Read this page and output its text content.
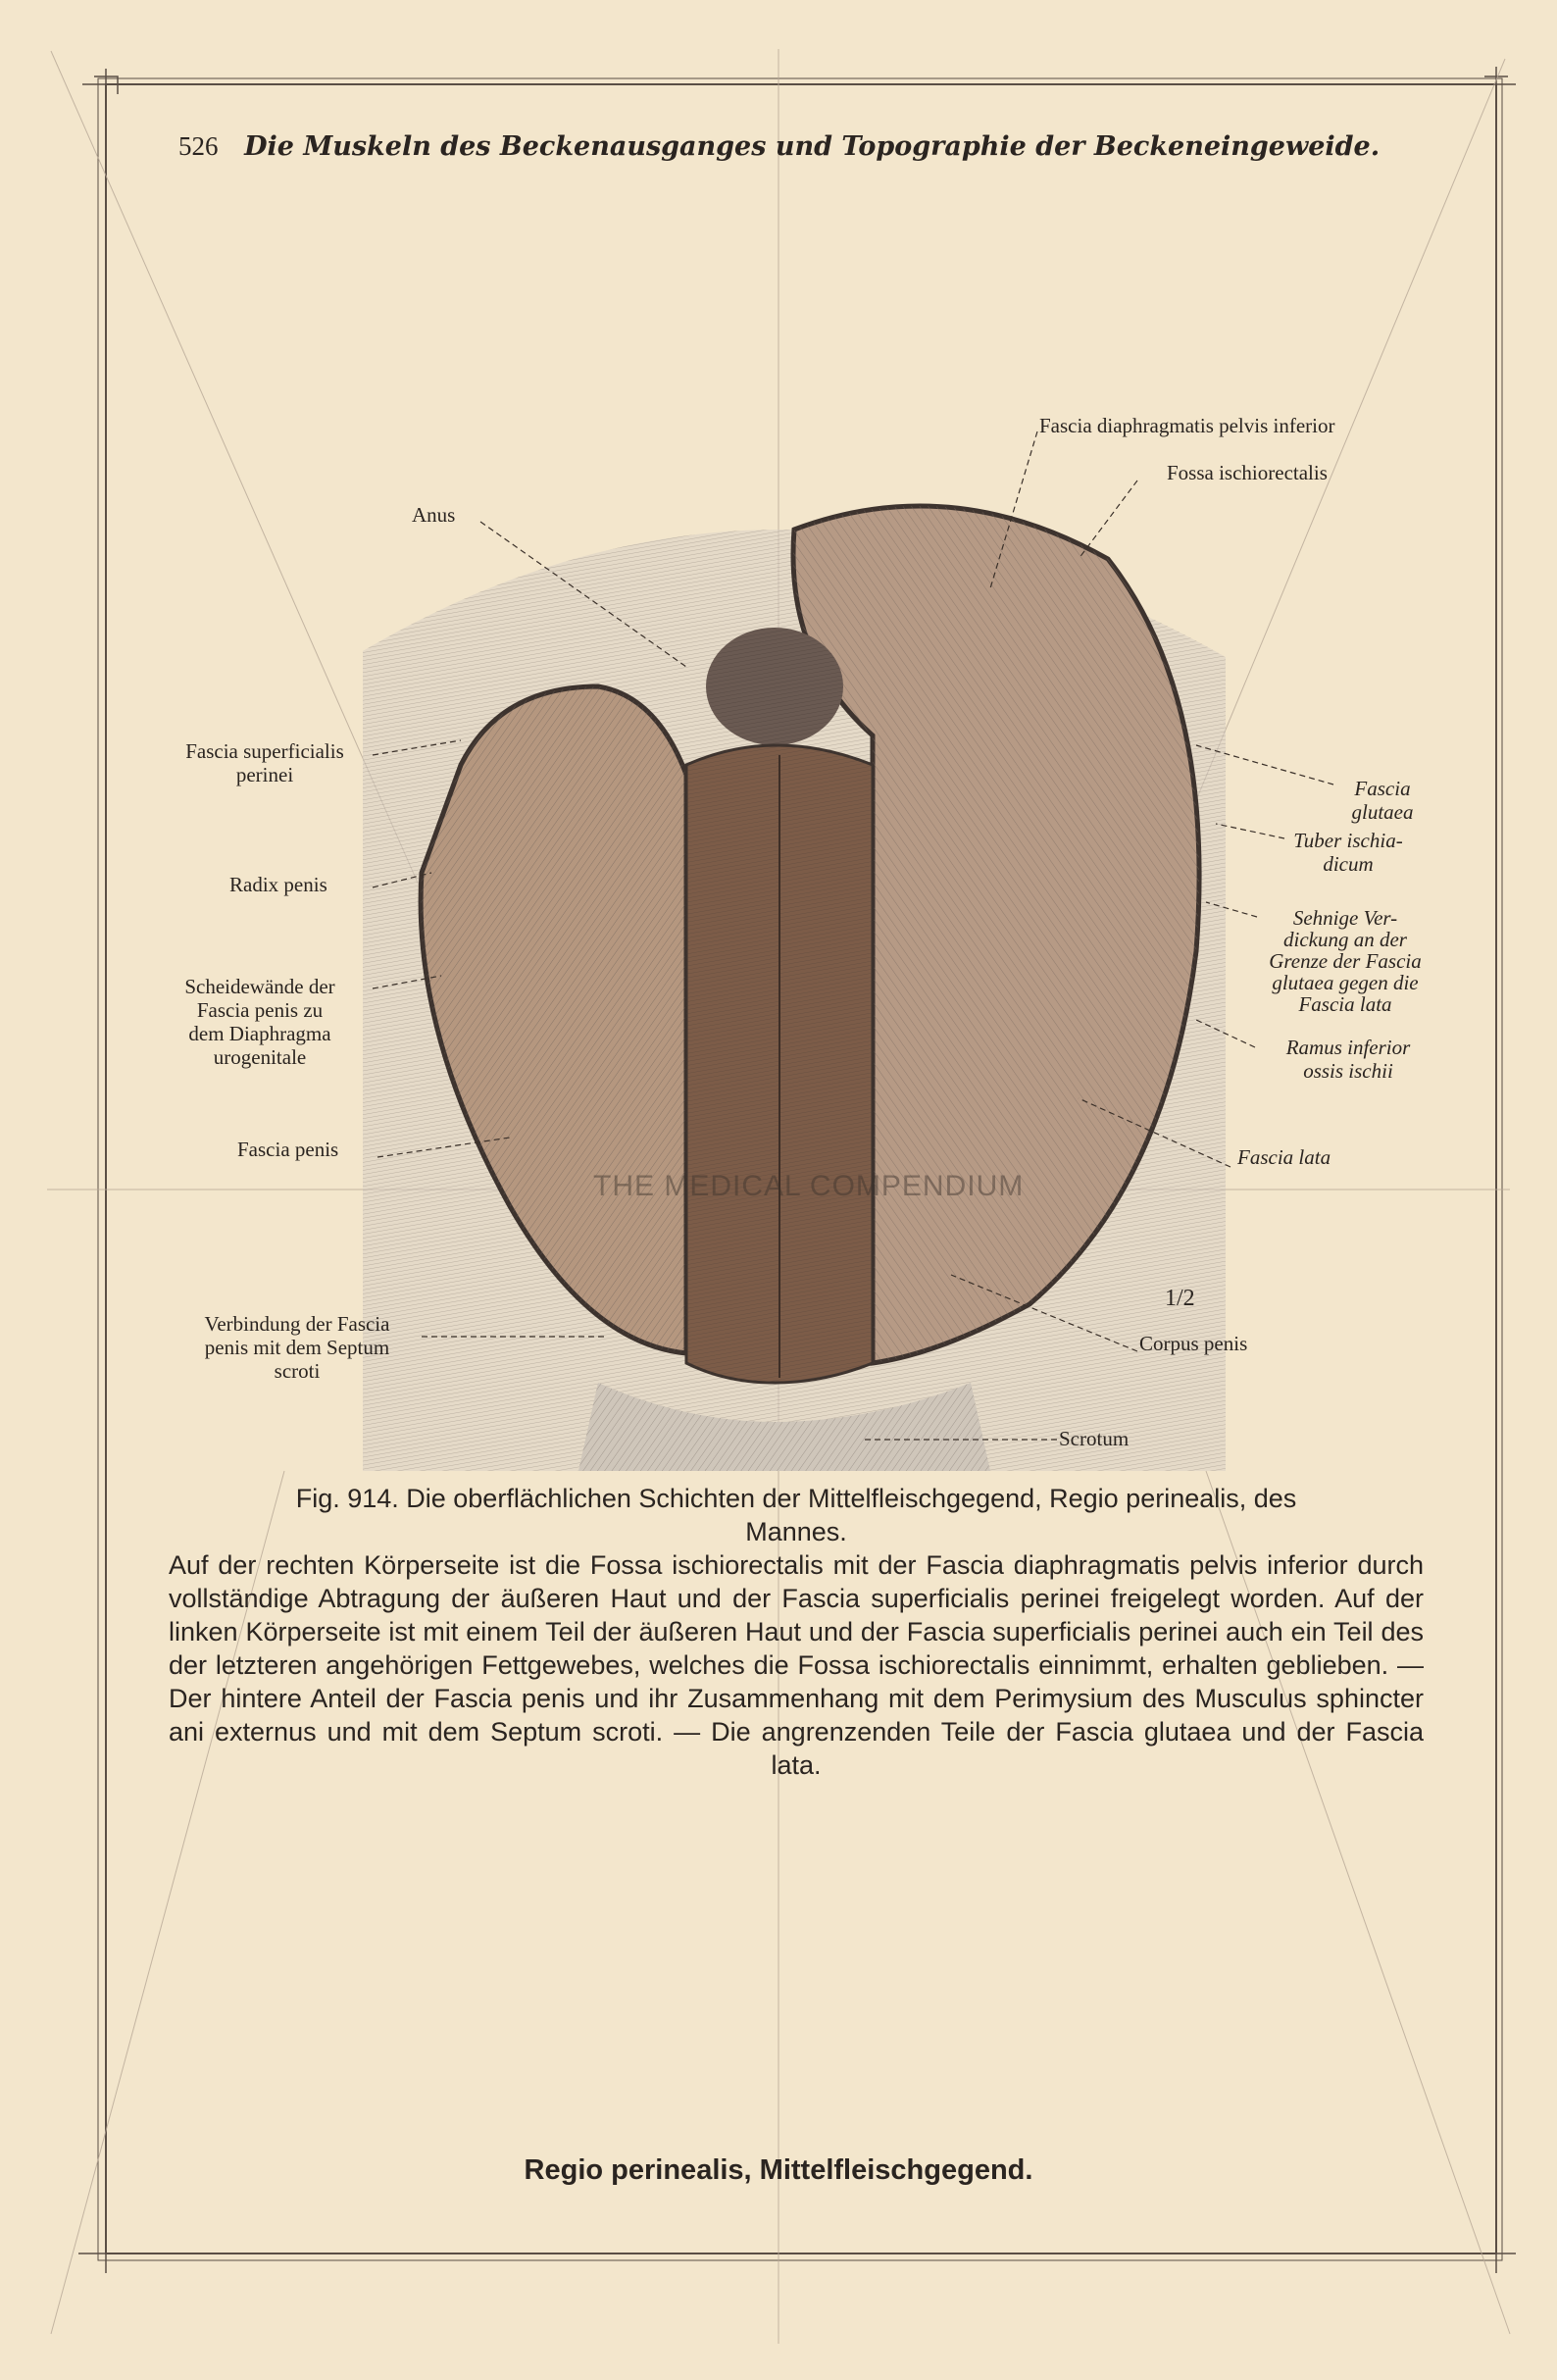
526 Die Muskeln des Beckenausganges und Topographie der Beckeneingeweide.
Fascia diaphragmatis pelvis inferior
Fossa ischiorectalis
Anus
Fascia superficialis
perinei
Radix penis
Scheidewände der
Fascia penis zu
dem Diaphragma
urogenitale
Fascia penis
Verbindung der Fascia
penis mit dem Septum
scroti
Fascia
glutaea
Tuber ischia-
dicum
Sehnige Ver-
dickung an der
Grenze der Fascia
glutaea gegen die
Fascia lata
Ramus inferior
ossis ischii
Fascia lata
1/2
Corpus penis
Scrotum
THE MEDICAL COMPENDIUM
Fig. 914. Die oberflächlichen Schichten der Mittelfleischgegend, Regio perinealis, des
Mannes.
Auf der rechten Körperseite ist die Fossa ischiorectalis mit der Fascia diaphragmatis pelvis inferior durch vollständige Abtragung der äußeren Haut und der Fascia superficialis perinei freigelegt worden. Auf der linken Körperseite ist mit einem Teil der äußeren Haut und der Fascia superficialis perinei auch ein Teil des der letzteren angehörigen Fettgewebes, welches die Fossa ischiorectalis einnimmt, erhalten geblieben. — Der hintere Anteil der Fascia penis und ihr Zusammenhang mit dem Perimysium des Musculus sphincter ani externus und mit dem Septum scroti. — Die angrenzenden Teile der Fascia glutaea und der Fascia lata.
Regio perinealis, Mittelfleischgegend.
